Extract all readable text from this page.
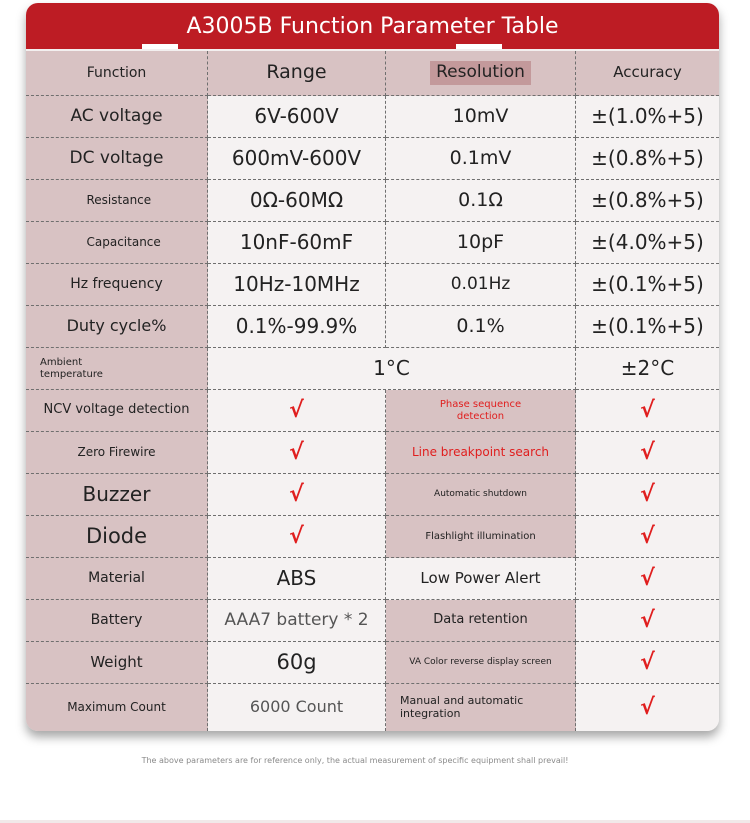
A3005B Function Parameter Table
Function	Range	Resolution	Accuracy
AC voltage	6V-600V	10mV	±(1.0%+5)
DC voltage	600mV-600V	0.1mV	±(0.8%+5)
Resistance	0Ω-60MΩ	0.1Ω	±(0.8%+5)
Capacitance	10nF-60mF	10pF	±(4.0%+5)
Hz frequency	10Hz-10MHz	0.01Hz	±(0.1%+5)
Duty cycle%	0.1%-99.9%	0.1%	±(0.1%+5)
Ambient temperature	1°C	±2°C
NCV voltage detection	√	Phase sequence detection	√
Zero Firewire	√	Line breakpoint search	√
Buzzer	√	Automatic shutdown	√
Diode	√	Flashlight illumination	√
Material	ABS	Low Power Alert	√
Battery	AAA7 battery * 2	Data retention	√
Weight	60g	VA Color reverse display screen	√
Maximum Count	6000 Count	Manual and automatic integration	√
The above parameters are for reference only, the actual measurement of specific equipment shall prevail!
